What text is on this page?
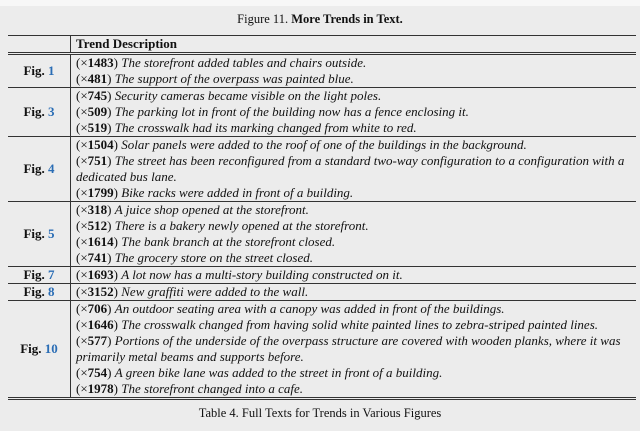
Figure 11. More Trends in Text.
	Trend Description
Fig. 1	(×1483) The storefront added tables and chairs outside.
(×481) The support of the overpass was painted blue.

Fig. 3	(×745) Security cameras became visible on the light poles.
(×509) The parking lot in front of the building now has a fence enclosing it.
(×519) The crosswalk had its marking changed from white to red.

Fig. 4	(×1504) Solar panels were added to the roof of one of the buildings in the background.
(×751) The street has been reconfigured from a standard two-way configuration to a configuration with a dedicated bus lane.
(×1799) Bike racks were added in front of a building.

Fig. 5	(×318) A juice shop opened at the storefront.
(×512) There is a bakery newly opened at the storefront.
(×1614) The bank branch at the storefront closed.
(×741) The grocery store on the street closed.

Fig. 7	(×1693) A lot now has a multi-story building constructed on it.

Fig. 8	(×3152) New graffiti were added to the wall.

Fig. 10	(×706) An outdoor seating area with a canopy was added in front of the buildings.
(×1646) The crosswalk changed from having solid white painted lines to zebra-striped painted lines.
(×577) Portions of the underside of the overpass structure are covered with wooden planks, where it was primarily metal beams and supports before.
(×754) A green bike lane was added to the street in front of a building.
(×1978) The storefront changed into a cafe.
Table 4. Full Texts for Trends in Various Figures
